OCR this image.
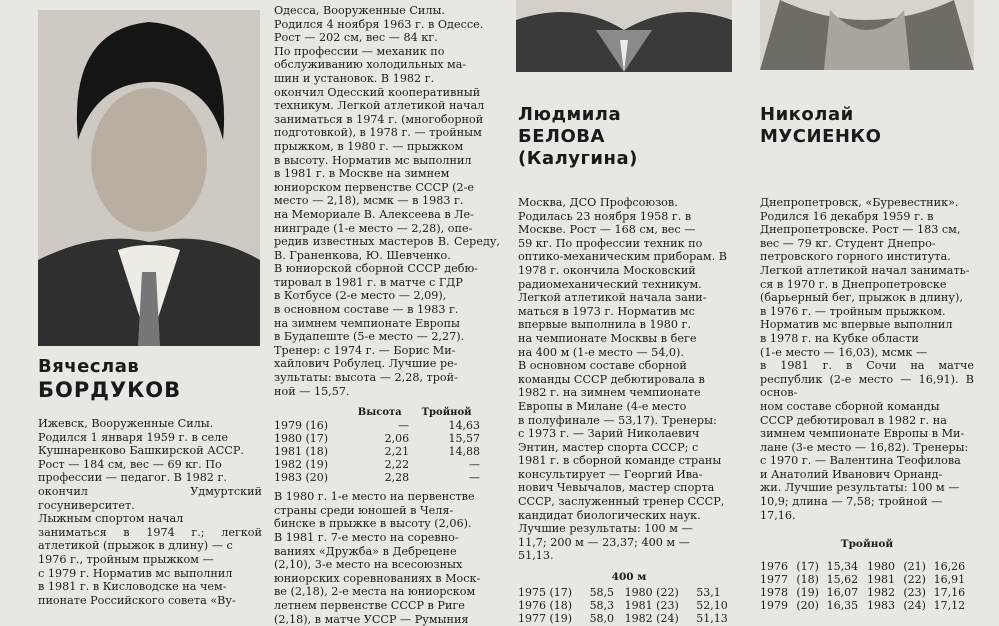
Вячеслав

БОРДУКОВ

Ижевск, Вооруженные Силы.

Родился 1 января 1959 г. в селе

Кушнаренково Башкирской АССР.

Рост — 184 см, вес — 69 кг. По

профессии — педагог. В 1982 г.

окончил Удмуртский госуниверситет.

Лыжным спортом начал

заниматься в 1974 г.; легкой атлетикой (прыжок в длину) — с

1976 г., тройным прыжком —

с 1979 г. Норматив мс выполнил

в 1981 г. в Кисловодске на чем-

пионате Российского совета «Ву-

Одесса, Вооруженные Силы.

Родился 4 ноября 1963 г. в Одессе.

Рост — 202 см, вес — 84 кг.

По профессии — механик по

обслуживанию холодильных ма-

шин и установок. В 1982 г.

окончил Одесский кооперативный

техникум. Легкой атлетикой начал

заниматься в 1974 г. (многоборной

подготовкой), в 1978 г. — тройным

прыжком, в 1980 г. — прыжком

в высоту. Норматив мс выполнил

в 1981 г. в Москве на зимнем

юниорском первенстве СССР (2-е

место — 2,18), мсмк — в 1983 г.

на Мемориале В. Алексеева в Ле-

нинграде (1-е место — 2,28), опе-

редив известных мастеров В. Середу, В. Граненкова, Ю. Шевченко.

В юниорской сборной СССР дебю-

тировал в 1981 г. в матче с ГДР

в Котбусе (2-е место — 2,09),

в основном составе — в 1983 г.

на зимнем чемпионате Европы

в Будапеште (5-е место — 2,27).

Тренер: с 1974 г. — Борис Ми-

хайлович Робулец. Лучшие ре-

зультаты: высота — 2,28, трой-

ной — 15,57.

	Высота	Тройной
1979 (16)	—	14,63
1980 (17)	2,06	15,57
1981 (18)	2,21	14,88
1982 (19)	2,22	—
1983 (20)	2,28	—

В 1980 г. 1-е место на первенстве

страны среди юношей в Челя-

бинске в прыжке в высоту (2,06).

В 1981 г. 7-е место на соревно-

ваниях «Дружба» в Дебрецене

(2,10), 3-е место на всесоюзных

юниорских соревнованиях в Моск-

ве (2,18), 2-е места на юниорском

летнем первенстве СССР в Риге

(2,18), в матче УССР — Румыния

Людмила

БЕЛОВА

(Калугина)

Москва, ДСО Профсоюзов.

Родилась 23 ноября 1958 г. в

Москве. Рост — 168 см, вес —

59 кг. По профессии техник по

оптико-механическим приборам. В

1978 г. окончила Московский

радиомеханический техникум.

Легкой атлетикой начала зани-

маться в 1973 г. Норматив мс

впервые выполнила в 1980 г.

на чемпионате Москвы в беге

на 400 м (1-е место — 54,0).

В основном составе сборной

команды СССР дебютировала в

1982 г. на зимнем чемпионате

Европы в Милане (4-е место

в полуфинале — 53,17). Тренеры:

с 1973 г. — Зарий Николаевич

Энтин, мастер спорта СССР; с

1981 г. в сборной команде страны

консультирует — Георгий Ива-

нович Чевычалов, мастер спорта

СССР, заслуженный тренер СССР,

кандидат биологических наук.

Лучшие результаты: 100 м —

11,7; 200 м — 23,37; 400 м —

51,13.

400 м

1975 (17)	58,5	1980 (22)	53,1
1976 (18)	58,3	1981 (23)	52,10
1977 (19)	58,0	1982 (24)	51,13

Николай

МУСИЕНКО

Днепропетровск, «Буревестник».

Родился 16 декабря 1959 г. в

Днепропетровске. Рост — 183 см,

вес — 79 кг. Студент Днепро-

петровского горного института.

Легкой атлетикой начал занимать-

ся в 1970 г. в Днепропетровске

(барьерный бег, прыжок в длину),

в 1976 г. — тройным прыжком.

Норматив мс впервые выполнил

в 1978 г. на Кубке области

(1-е место — 16,03), мсмк —

в 1981 г. в Сочи на матче республик (2-е место — 16,91). В основ-

ном составе сборной команды

СССР дебютировал в 1982 г. на

зимнем чемпионате Европы в Ми-

лане (3-е место — 16,82). Тренеры:

с 1970 г. — Валентина Теофилова

и Анатолий Иванович Орнанд-

жи. Лучшие результаты: 100 м —

10,9; длина — 7,58; тройной —

17,16.

Тройной

1976	(17)	15,34	1980	(21)	16,26
1977	(18)	15,62	1981	(22)	16,91
1978	(19)	16,07	1982	(23)	17,16
1979	(20)	16,35	1983	(24)	17,12
